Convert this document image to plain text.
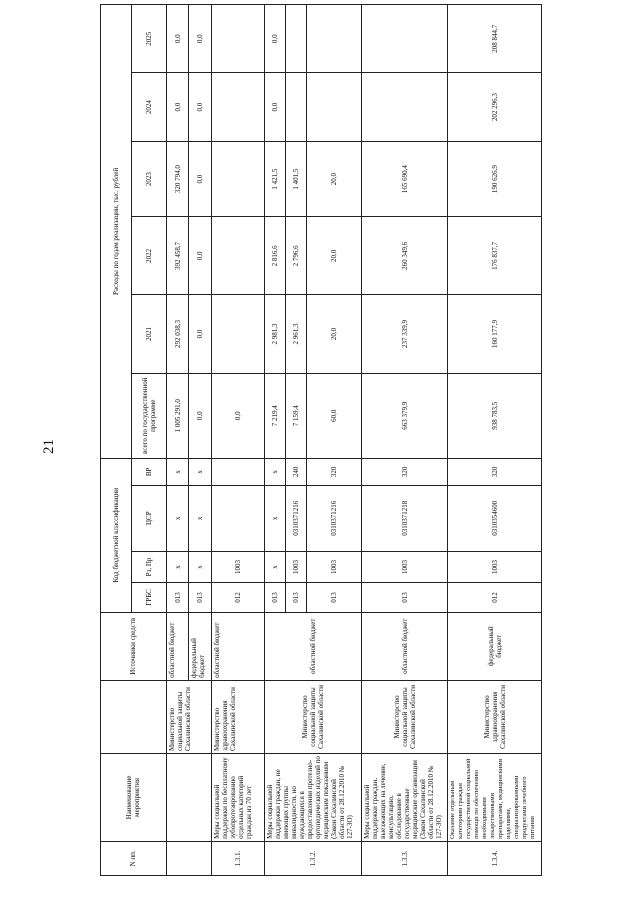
21
N пп.	Наименование мероприятия		Источники средств	Код бюджетной классификации				Расходы по годам реализации, тыс. рублей					
				ГРБС	Рз, Пр	ЦСР	ВР	всего по государственной программе	2021	2022	2023	2024	2025
		Министерство социальной защиты Сахалинской области	областной бюджет	013	х	х	х	1 005 291,0	292 038,3	392 458,7	320 794,0	0,0	0,0
			федеральный бюджет	013	х	х	х	0,0	0,0	0,0	0,0	0,0	0,0
1.3.1.	Меры социальной поддержки по бесплатному зубопротезированию отдельных категорий граждан из 70 лет	Министерство здравоохранения Сахалинской области	областной бюджет	012	1003			0,0					
1.3.2.	Меры социальной поддержки граждан, не имеющих группы инвалидности, но нуждающихся в предоставлении протезно-ортопедических изделий по медицинским показаниям (Закон Сахалинской области от 28.12.2010 № 127-ЗО)	Министерство социальной защиты Сахалинской области	областной бюджет	013	х	х	х	7 219,4	2 981,3	2 816,6	1 421,5	0,0	0,0
				013	1003	0310371216	240	7 159,4	2 961,3	2 796,6	1 401,5		
				013	1003	0310371216	320	60,0	20,0	20,0	20,0		
1.3.3.	Меры социальной поддержки граждан, выезжающих на лечение, консультацию, обследование в государственные медицинские организации (Закон Сахалинской области от 28.12.2010 № 127-ЗО)	Министерство социальной защиты Сахалинской области	областной бюджет	013	1003	0310371218	320	663 379,9	237 339,9	260 349,6	165 690,4		
1.3.4.	Оказание отдельным категориям граждан государственной социальной помощи по обеспечению необходимыми лекарственными препаратами, медицинскими изделиями, специализированными продуктами лечебного питания	Министерство здравоохранения Сахалинской области	федеральный бюджет	012	1003	0310354600	320	938 783,5	160 177,9	176 837,7	190 626,9	202 296,3	208 844,7
